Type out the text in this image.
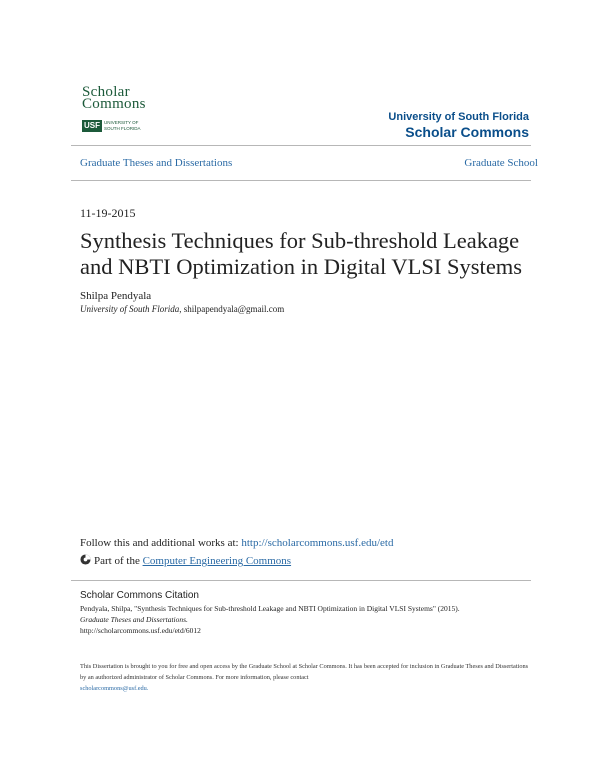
Scholar
Commons
USF UNIVERSITY OF
SOUTH FLORIDA
University of South Florida
Scholar Commons
Graduate Theses and Dissertations	Graduate School
11-19-2015
Synthesis Techniques for Sub-threshold Leakage and NBTI Optimization in Digital VLSI Systems
Shilpa Pendyala
University of South Florida, shilpapendyala@gmail.com
Follow this and additional works at: http://scholarcommons.usf.edu/etd
Part of the Computer Engineering Commons
Scholar Commons Citation
Pendyala, Shilpa, "Synthesis Techniques for Sub-threshold Leakage and NBTI Optimization in Digital VLSI Systems" (2015).
Graduate Theses and Dissertations.
http://scholarcommons.usf.edu/etd/6012
This Dissertation is brought to you for free and open access by the Graduate School at Scholar Commons. It has been accepted for inclusion in Graduate Theses and Dissertations by an authorized administrator of Scholar Commons. For more information, please contact
scholarcommons@usf.edu.
